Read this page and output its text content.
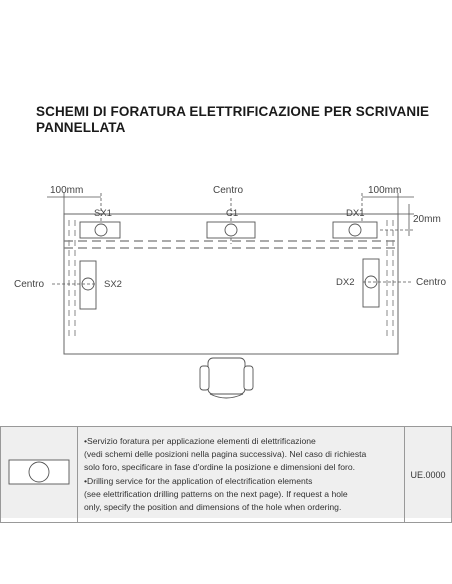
SCHEMI DI FORATURA ELETTRIFICAZIONE PER SCRIVANIE
PANNELLATA
100mm	100mm
Centro
20mm
SX1	C1	DX1
SX2	DX2
Centro	Centro

•Servizio foratura per applicazione elementi di elettrificazione
(vedi schemi delle posizioni nella pagina successiva). Nel caso di richiesta
solo foro, specificare in fase d'ordine la posizione e dimensioni del foro.
•Drilling service for the application of electrification elements
(see elettrification drilling patterns on the next page). If request a hole
only, specify the position and dimensions of the hole when ordering.
	UE.0000
